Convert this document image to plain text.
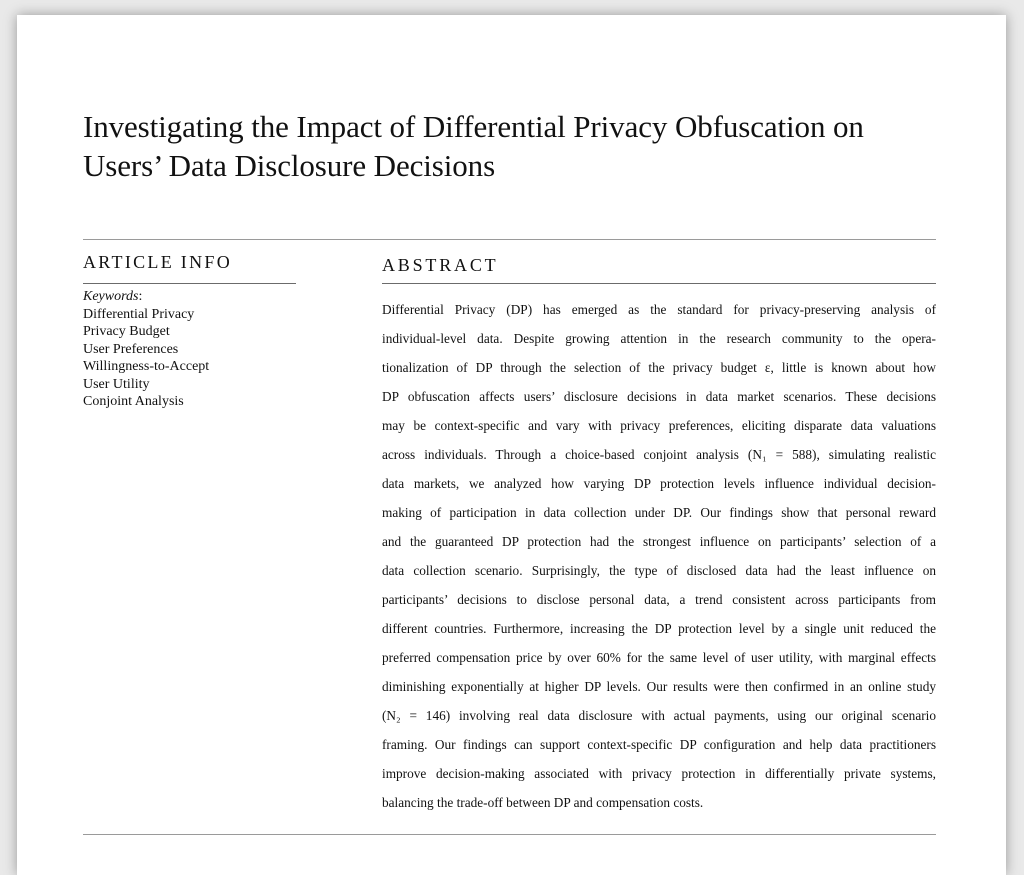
Investigating the Impact of Differential Privacy Obfuscation on
Users’ Data Disclosure Decisions
ARTICLE INFO
Keywords:
Differential Privacy
Privacy Budget
User Preferences
Willingness-to-Accept
User Utility
Conjoint Analysis
ABSTRACT
Differential Privacy (DP) has emerged as the standard for privacy-preserving analysis of
individual-level data. Despite growing attention in the research community to the opera-
tionalization of DP through the selection of the privacy budget ε, little is known about how
DP obfuscation affects users’ disclosure decisions in data market scenarios. These decisions
may be context-specific and vary with privacy preferences, eliciting disparate data valuations
across individuals. Through a choice-based conjoint analysis (N₁ = 588), simulating realistic
data markets, we analyzed how varying DP protection levels influence individual decision-
making of participation in data collection under DP. Our findings show that personal reward
and the guaranteed DP protection had the strongest influence on participants’ selection of a
data collection scenario. Surprisingly, the type of disclosed data had the least influence on
participants’ decisions to disclose personal data, a trend consistent across participants from
different countries. Furthermore, increasing the DP protection level by a single unit reduced the
preferred compensation price by over 60% for the same level of user utility, with marginal effects
diminishing exponentially at higher DP levels. Our results were then confirmed in an online study
(N₂ = 146) involving real data disclosure with actual payments, using our original scenario
framing. Our findings can support context-specific DP configuration and help data practitioners
improve decision-making associated with privacy protection in differentially private systems,
balancing the trade-off between DP and compensation costs.
